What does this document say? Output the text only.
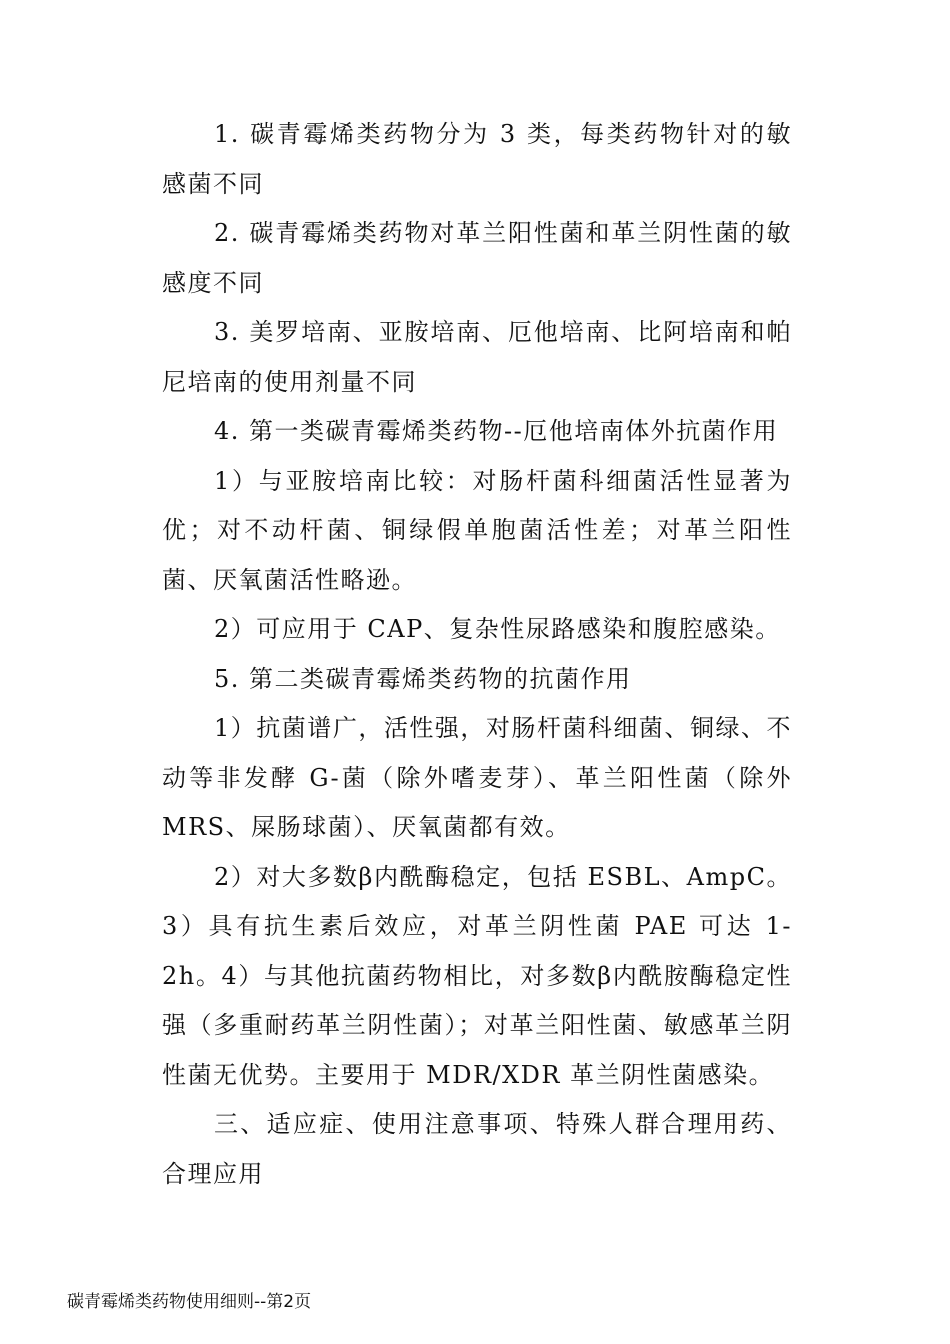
1. 碳青霉烯类药物分为 3 类，每类药物针对的敏感菌不同

2. 碳青霉烯类药物对革兰阳性菌和革兰阴性菌的敏感度不同

3. 美罗培南、亚胺培南、厄他培南、比阿培南和帕尼培南的使用剂量不同

4. 第一类碳青霉烯类药物--厄他培南体外抗菌作用

1）与亚胺培南比较：对肠杆菌科细菌活性显著为优；对不动杆菌、铜绿假单胞菌活性差；对革兰阳性菌、厌氧菌活性略逊。

2）可应用于 CAP、复杂性尿路感染和腹腔感染。

5. 第二类碳青霉烯类药物的抗菌作用

1）抗菌谱广，活性强，对肠杆菌科细菌、铜绿、不动等非发酵 G-菌（除外嗜麦芽）、革兰阳性菌（除外 MRS、屎肠球菌）、厌氧菌都有效。

2）对大多数β内酰酶稳定，包括 ESBL、AmpC。3）具有抗生素后效应，对革兰阴性菌 PAE 可达 1-2h。4）与其他抗菌药物相比，对多数β内酰胺酶稳定性强（多重耐药革兰阴性菌）；对革兰阳性菌、敏感革兰阴性菌无优势。主要用于 MDR/XDR 革兰阴性菌感染。

三、适应症、使用注意事项、特殊人群合理用药、合理应用

碳青霉烯类药物使用细则--第2页
